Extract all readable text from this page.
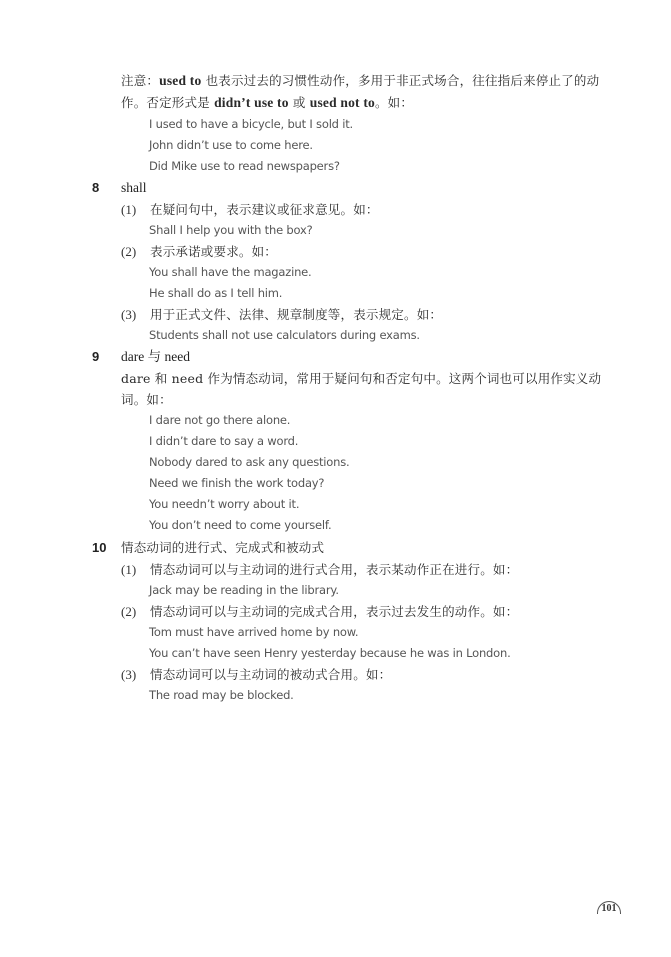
注意：used to 也表示过去的习惯性动作，多用于非正式场合，往往指后来停止了的动
作。否定形式是 didn’t use to 或 used not to。如：
I used to have a bicycle, but I sold it.
John didn’t use to come here.
Did Mike use to read newspapers?
8 shall
(1) 在疑问句中，表示建议或征求意见。如：
Shall I help you with the box?
(2) 表示承诺或要求。如：
You shall have the magazine.
He shall do as I tell him.
(3) 用于正式文件、法律、规章制度等，表示规定。如：
Students shall not use calculators during exams.
9 dare 与 need
dare 和 need 作为情态动词，常用于疑问句和否定句中。这两个词也可以用作实义动
词。如：
I dare not go there alone.
I didn’t dare to say a word.
Nobody dared to ask any questions.
Need we finish the work today?
You needn’t worry about it.
You don’t need to come yourself.
10 情态动词的进行式、完成式和被动式
(1) 情态动词可以与主动词的进行式合用，表示某动作正在进行。如：
Jack may be reading in the library.
(2) 情态动词可以与主动词的完成式合用，表示过去发生的动作。如：
Tom must have arrived home by now.
You can’t have seen Henry yesterday because he was in London.
(3) 情态动词可以与主动词的被动式合用。如：
The road may be blocked.
101
